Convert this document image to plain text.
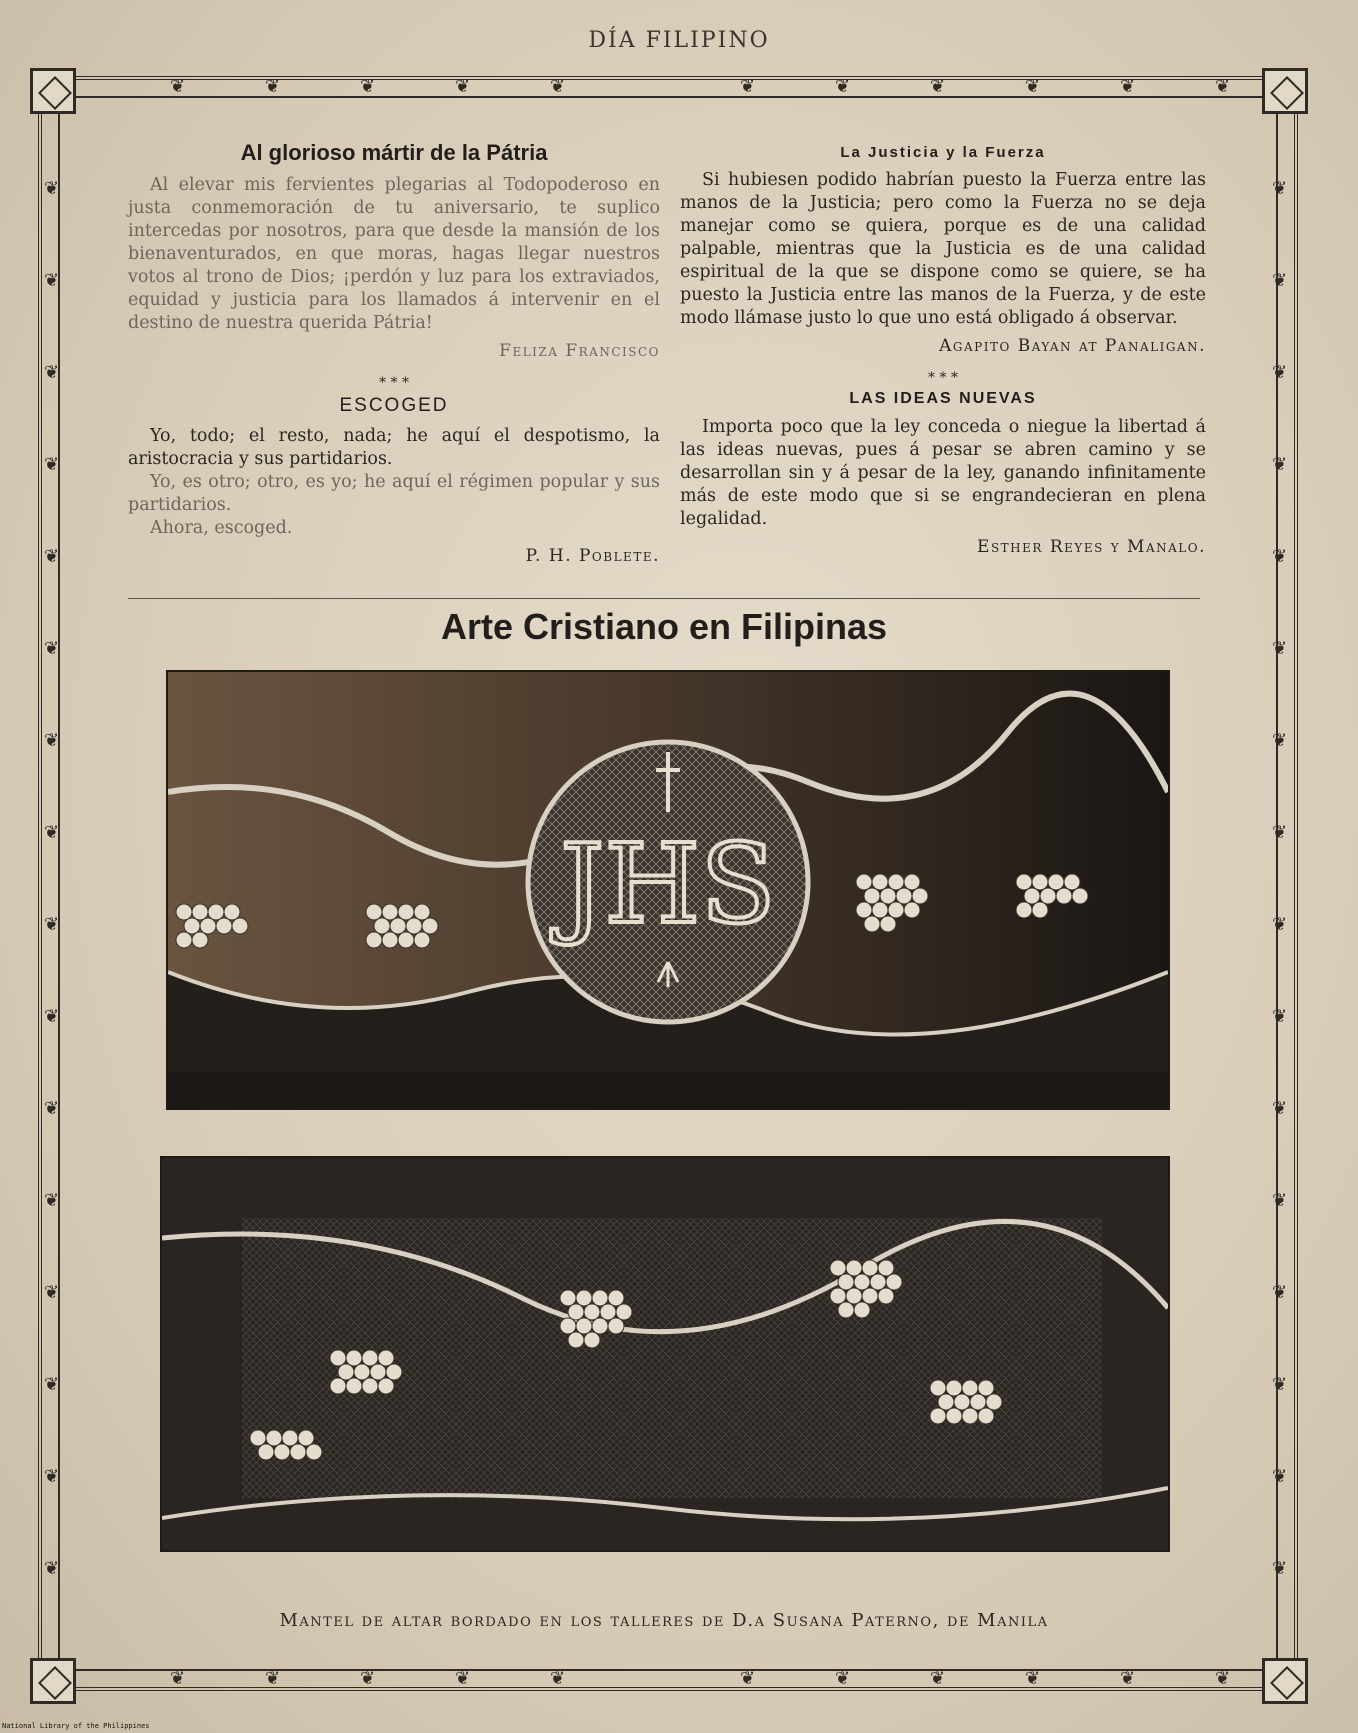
DÍA FILIPINO
❦
❦
❦
❦
❦
❦
❦
❦
❦
❦
❦
❦
❦
❦
❦
❦
❦
❦
❦
❦
❦
❦
❦	❦
❦	❦
❦	❦
❦	❦
❦	❦
❦	❦
❦	❦
❦	❦
❦	❦
❦	❦
❦	❦
❦	❦
❦	❦
❦	❦
❦	❦
❦	❦
Al glorioso mártir de la Pátria

Al elevar mis fervientes plegarias al Todopoderoso en justa conmemoración de tu aniversario, te suplico intercedas por nosotros, para que desde la mansión de los bienaventurados, en que moras, hagas llegar nuestros votos al trono de Dios; ¡perdón y luz para los extraviados, equidad y justicia para los llamados á intervenir en el destino de nuestra querida Pátria!

Feliza Francisco

* * *
ESCOGED

Yo, todo; el resto, nada; he aquí el despotismo, la aristocracia y sus partidarios.

Yo, es otro; otro, es yo; he aquí el régimen popular y sus partidarios.

Ahora, escoged.

P. H. Poblete.

La Justicia y la Fuerza

Si hubiesen podido habrían puesto la Fuerza entre las manos de la Justicia; pero como la Fuerza no se deja manejar como se quiera, porque es de una calidad palpable, mientras que la Justicia es de una calidad espiritual de la que se dispone como se quiere, se ha puesto la Justicia entre las manos de la Fuerza, y de este modo llámase justo lo que uno está obligado á observar.

Agapito Bayan at Panaligan.

* * *
LAS IDEAS NUEVAS

Importa poco que la ley conceda o niegue la libertad á las ideas nuevas, pues á pesar se abren camino y se desarrollan sin y á pesar de la ley, ganando infinitamente más de este modo que si se engrandecieran en plena legalidad.

Esther Reyes y Manalo.

Arte Cristiano en Filipinas
JHS
Mantel de altar bordado en los talleres de D.a Susana Paterno, de Manila
National Library of the Philippines
